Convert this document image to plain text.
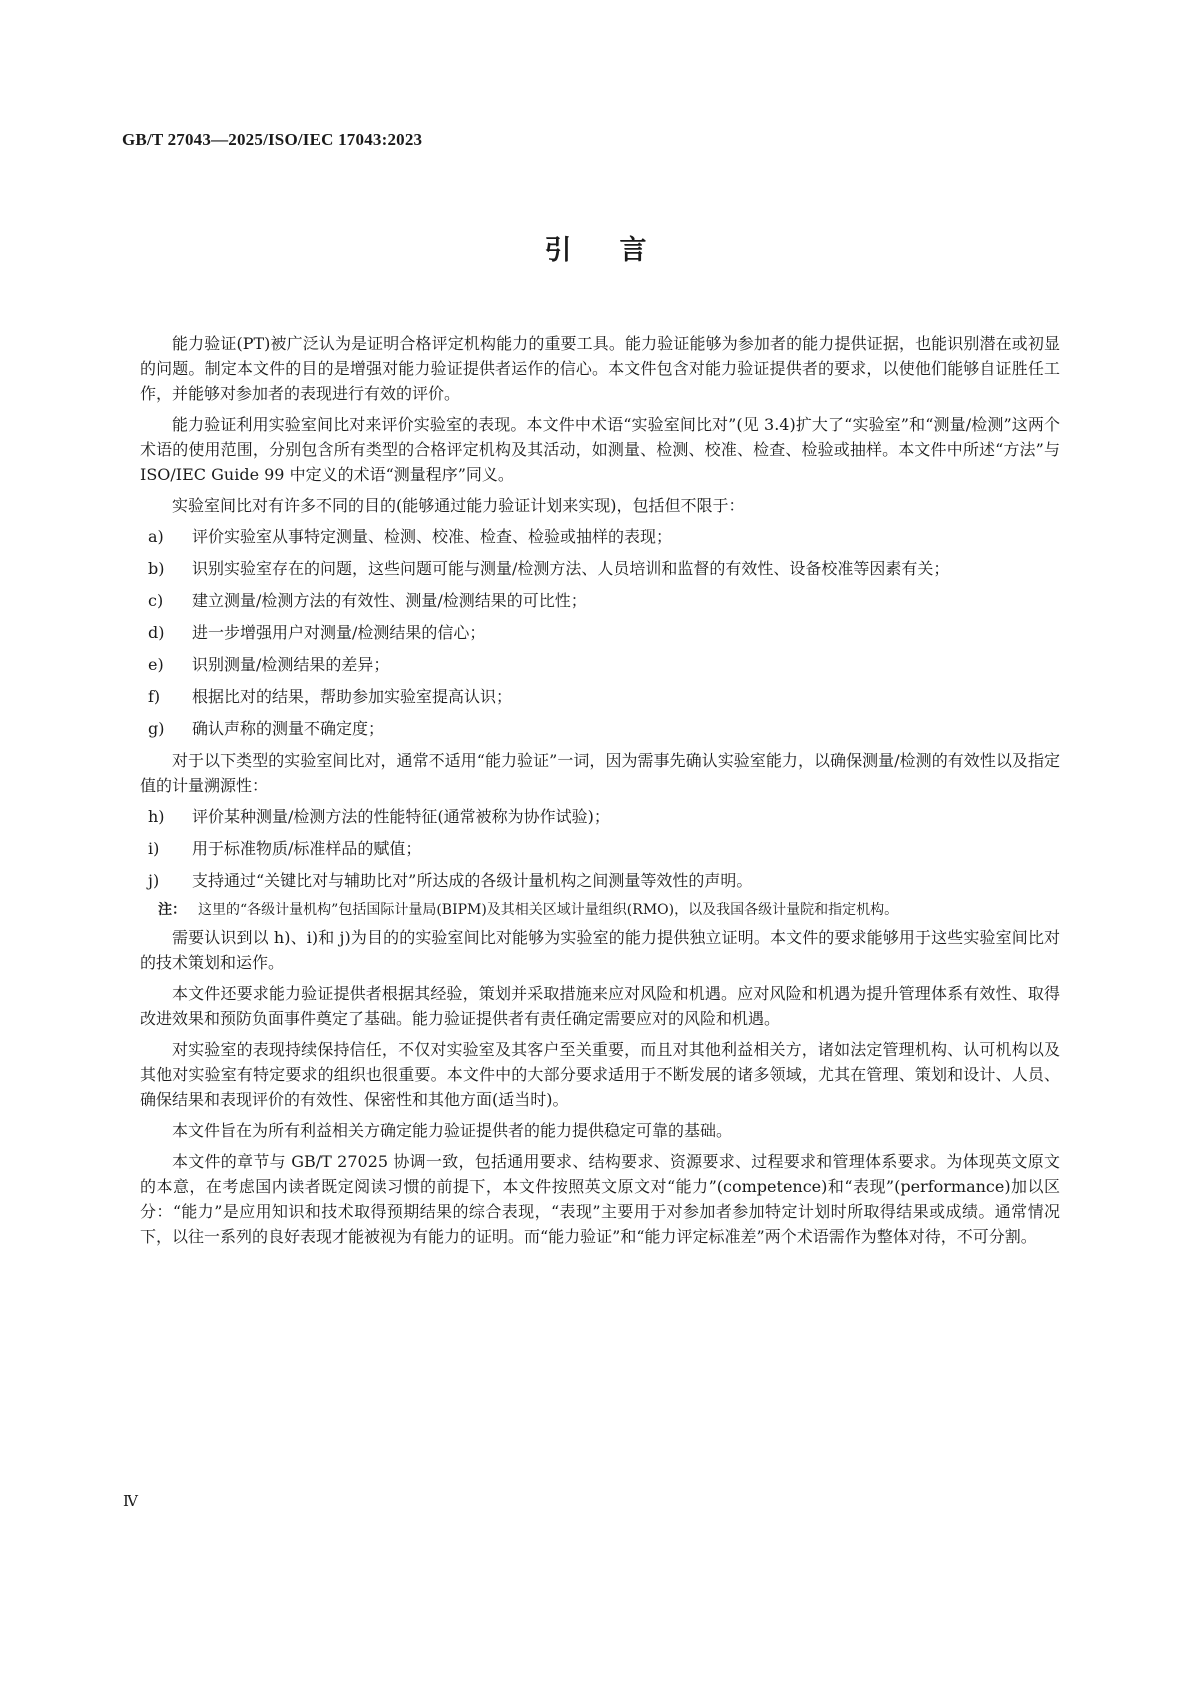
GB/T 27043—2025/ISO/IEC 17043:2023
引言

能力验证(PT)被广泛认为是证明合格评定机构能力的重要工具。能力验证能够为参加者的能力提供证据，也能识别潜在或初显的问题。制定本文件的目的是增强对能力验证提供者运作的信心。本文件包含对能力验证提供者的要求，以使他们能够自证胜任工作，并能够对参加者的表现进行有效的评价。

能力验证利用实验室间比对来评价实验室的表现。本文件中术语“实验室间比对”(见 3.4)扩大了“实验室”和“测量/检测”这两个术语的使用范围，分别包含所有类型的合格评定机构及其活动，如测量、检测、校准、检查、检验或抽样。本文件中所述“方法”与 ISO/IEC Guide 99 中定义的术语“测量程序”同义。

实验室间比对有许多不同的目的(能够通过能力验证计划来实现)，包括但不限于：

a) 评价实验室从事特定测量、检测、校准、检查、检验或抽样的表现；
b) 识别实验室存在的问题，这些问题可能与测量/检测方法、人员培训和监督的有效性、设备校准等因素有关；
c) 建立测量/检测方法的有效性、测量/检测结果的可比性；
d) 进一步增强用户对测量/检测结果的信心；
e) 识别测量/检测结果的差异；
f) 根据比对的结果，帮助参加实验室提高认识；
g) 确认声称的测量不确定度；

对于以下类型的实验室间比对，通常不适用“能力验证”一词，因为需事先确认实验室能力，以确保测量/检测的有效性以及指定值的计量溯源性：

h) 评价某种测量/检测方法的性能特征(通常被称为协作试验)；
i) 用于标准物质/标准样品的赋值；
j) 支持通过“关键比对与辅助比对”所达成的各级计量机构之间测量等效性的声明。
注： 这里的“各级计量机构”包括国际计量局(BIPM)及其相关区域计量组织(RMO)，以及我国各级计量院和指定机构。

需要认识到以 h)、i)和 j)为目的的实验室间比对能够为实验室的能力提供独立证明。本文件的要求能够用于这些实验室间比对的技术策划和运作。

本文件还要求能力验证提供者根据其经验，策划并采取措施来应对风险和机遇。应对风险和机遇为提升管理体系有效性、取得改进效果和预防负面事件奠定了基础。能力验证提供者有责任确定需要应对的风险和机遇。

对实验室的表现持续保持信任，不仅对实验室及其客户至关重要，而且对其他利益相关方，诸如法定管理机构、认可机构以及其他对实验室有特定要求的组织也很重要。本文件中的大部分要求适用于不断发展的诸多领域，尤其在管理、策划和设计、人员、确保结果和表现评价的有效性、保密性和其他方面(适当时)。

本文件旨在为所有利益相关方确定能力验证提供者的能力提供稳定可靠的基础。

本文件的章节与 GB/T 27025 协调一致，包括通用要求、结构要求、资源要求、过程要求和管理体系要求。为体现英文原文的本意，在考虑国内读者既定阅读习惯的前提下，本文件按照英文原文对“能力”(competence)和“表现”(performance)加以区分：“能力”是应用知识和技术取得预期结果的综合表现，“表现”主要用于对参加者参加特定计划时所取得结果或成绩。通常情况下，以往一系列的良好表现才能被视为有能力的证明。而“能力验证”和“能力评定标准差”两个术语需作为整体对待，不可分割。

Ⅳ
